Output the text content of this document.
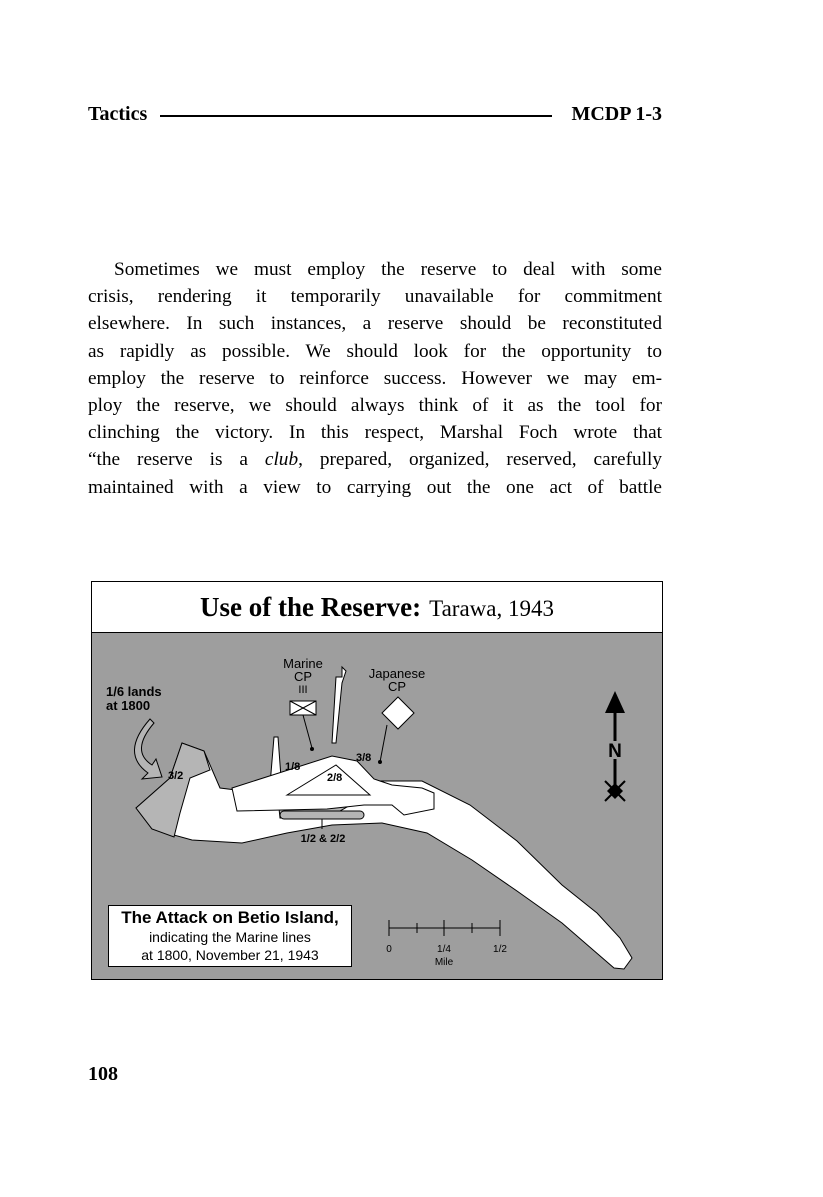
Tactics	MCDP 1-3
Sometimes we must employ the reserve to deal with some
crisis, rendering it temporarily unavailable for commitment
elsewhere. In such instances, a reserve should be reconstituted
as rapidly as possible. We should look for the opportunity to
employ the reserve to reinforce success. However we may em-
ploy the reserve, we should always think of it as the tool for
clinching the victory. In this respect, Marshal Foch wrote that
“the reserve is a club, prepared, organized, reserved, carefully
maintained with a view to carrying out the one act of battle
Use of the Reserve: Tarawa, 1943
N
Marine
CP
III
Japanese
CP
1/6 lands
at 1800
3/2
1/8
2/8
3/8
1/2 & 2/2
0	1/4	1/2
Mile
The Attack on Betio Island,
indicating the Marine lines
at 1800, November 21, 1943
108
